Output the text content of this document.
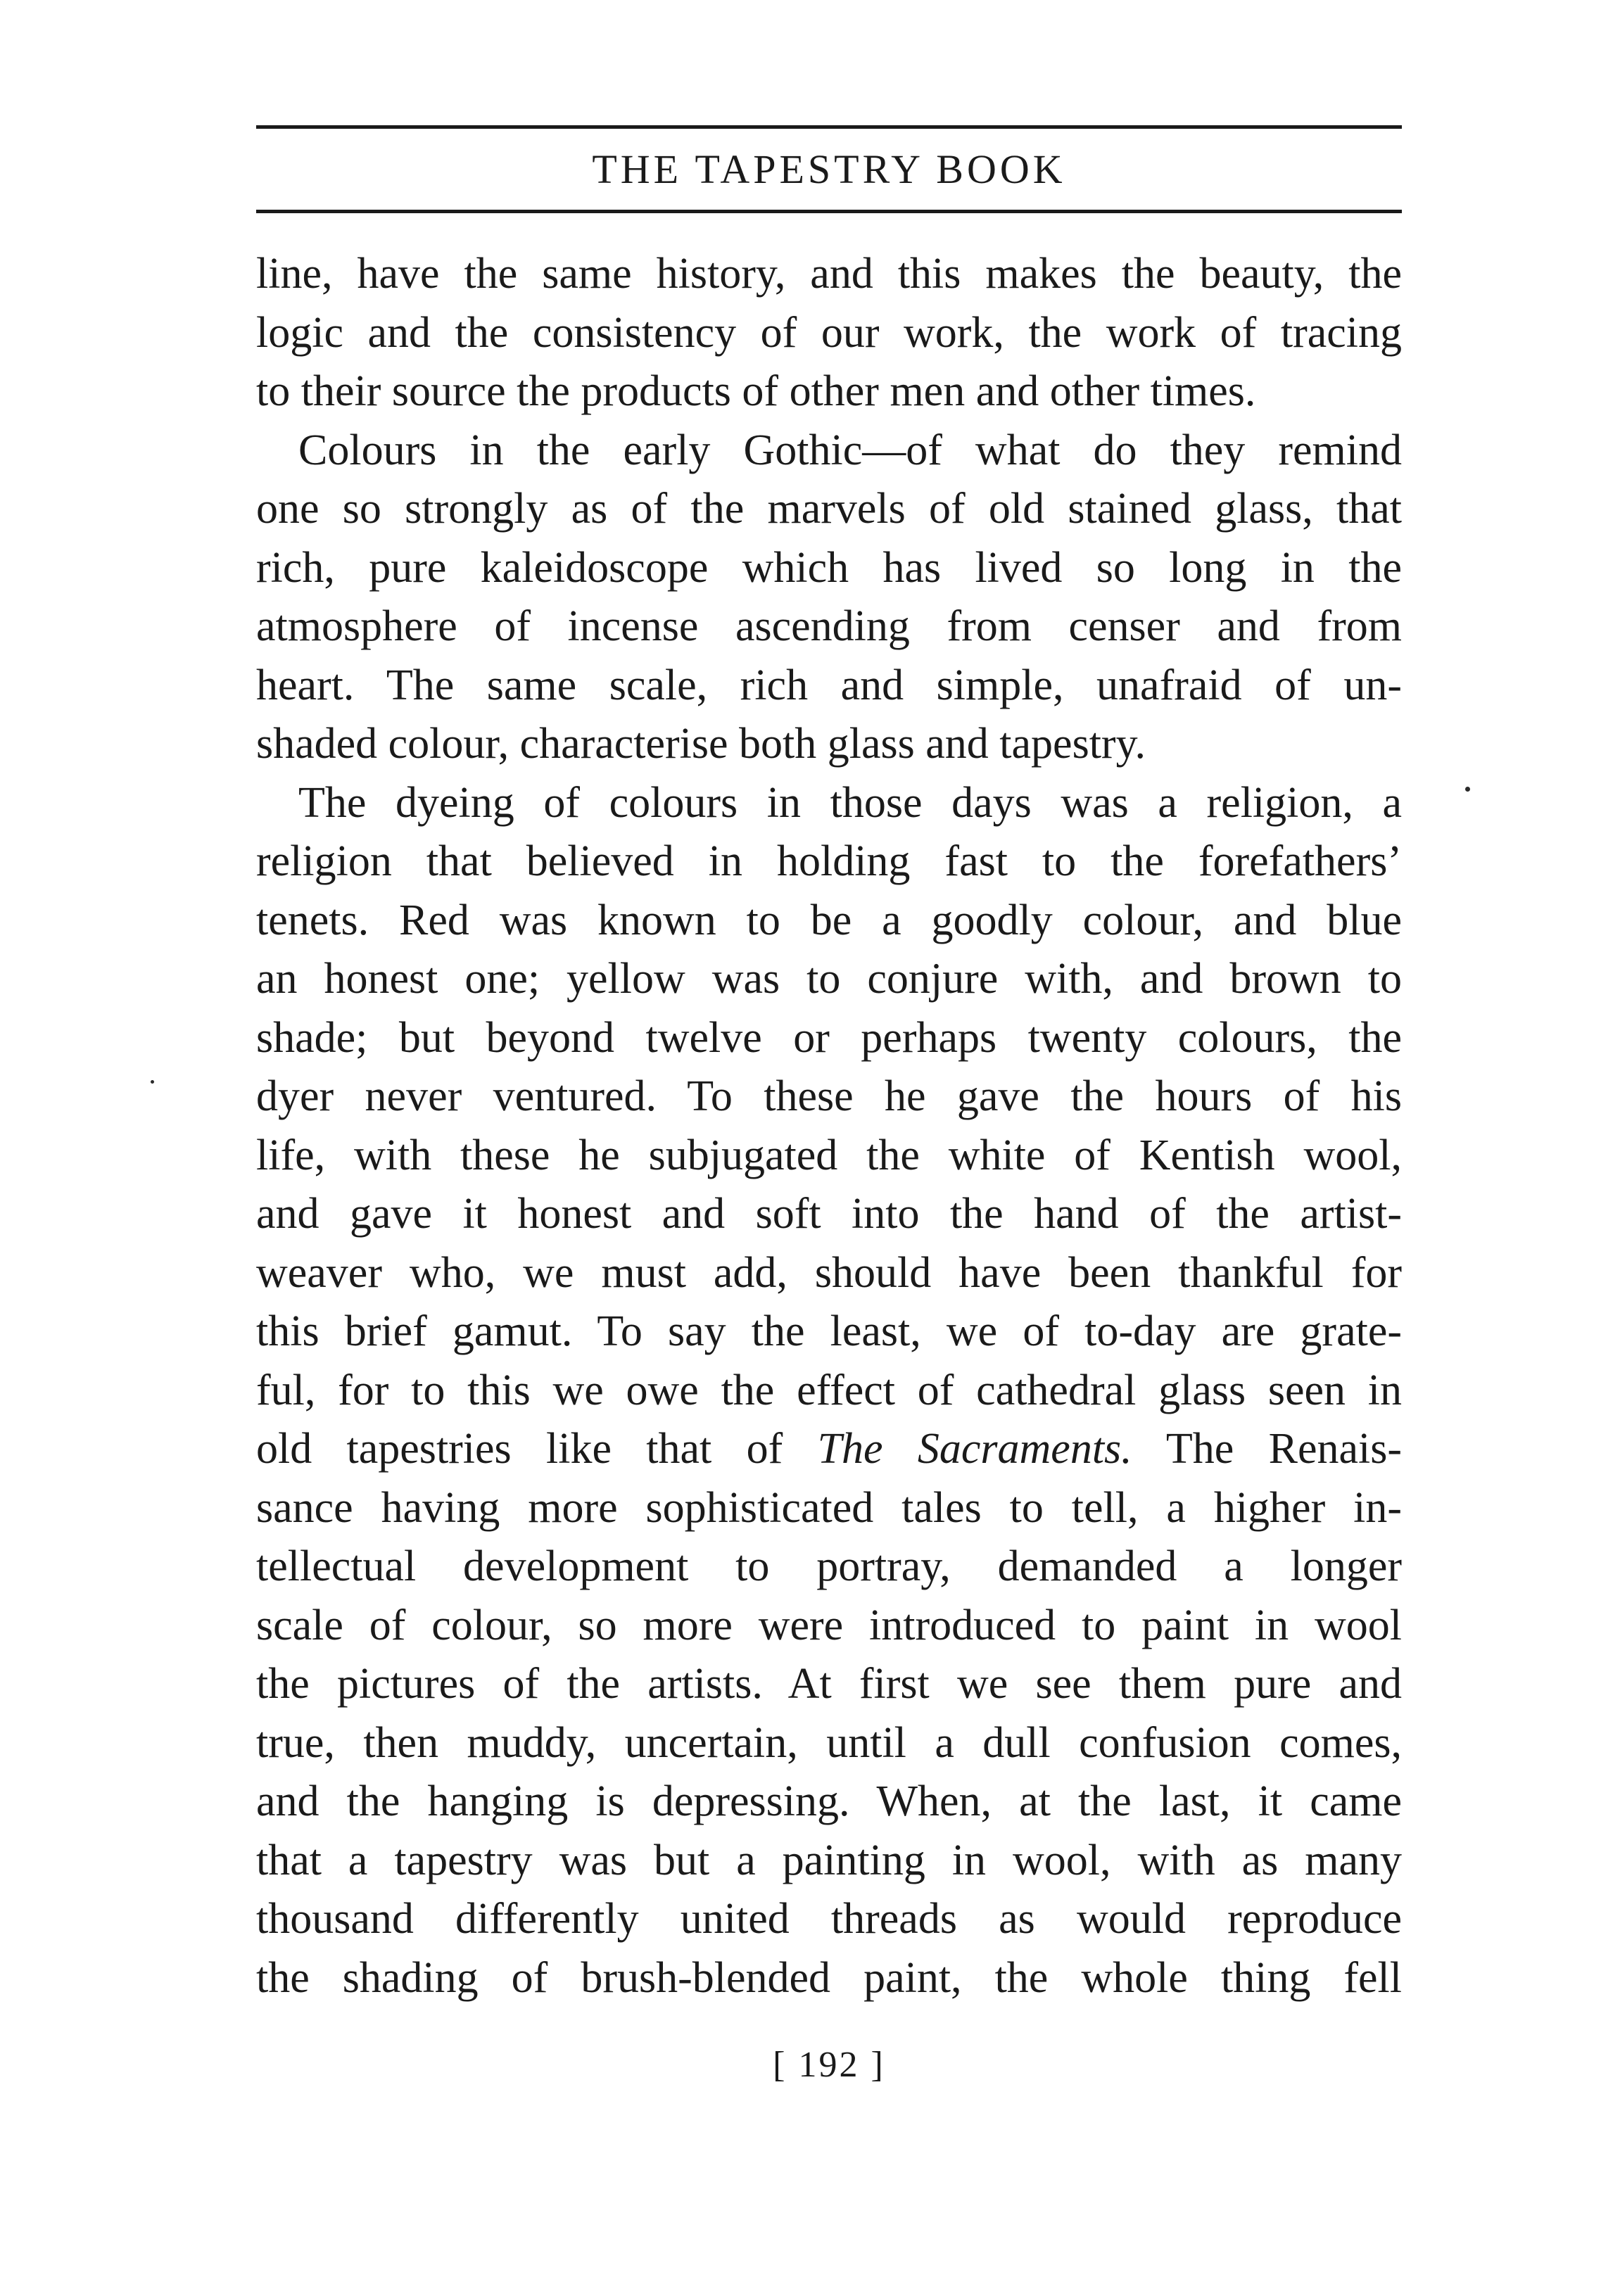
THE TAPESTRY BOOK
line, have the same history, and this makes the beauty, the
logic and the consistency of our work, the work of tracing
to their source the products of other men and other times.
Colours in the early Gothic—of what do they remind
one so strongly as of the marvels of old stained glass, that
rich, pure kaleidoscope which has lived so long in the
atmosphere of incense ascending from censer and from
heart. The same scale, rich and simple, unafraid of un-
shaded colour, characterise both glass and tapestry.
The dyeing of colours in those days was a religion, a
religion that believed in holding fast to the forefathers’
tenets. Red was known to be a goodly colour, and blue
an honest one; yellow was to conjure with, and brown to
shade; but beyond twelve or perhaps twenty colours, the
dyer never ventured. To these he gave the hours of his
life, with these he subjugated the white of Kentish wool,
and gave it honest and soft into the hand of the artist-
weaver who, we must add, should have been thankful for
this brief gamut. To say the least, we of to-day are grate-
ful, for to this we owe the effect of cathedral glass seen in
old tapestries like that of The Sacraments. The Renais-
sance having more sophisticated tales to tell, a higher in-
tellectual development to portray, demanded a longer
scale of colour, so more were introduced to paint in wool
the pictures of the artists. At first we see them pure and
true, then muddy, uncertain, until a dull confusion comes,
and the hanging is depressing. When, at the last, it came
that a tapestry was but a painting in wool, with as many
thousand differently united threads as would reproduce
the shading of brush-blended paint, the whole thing fell
[ 192 ]
